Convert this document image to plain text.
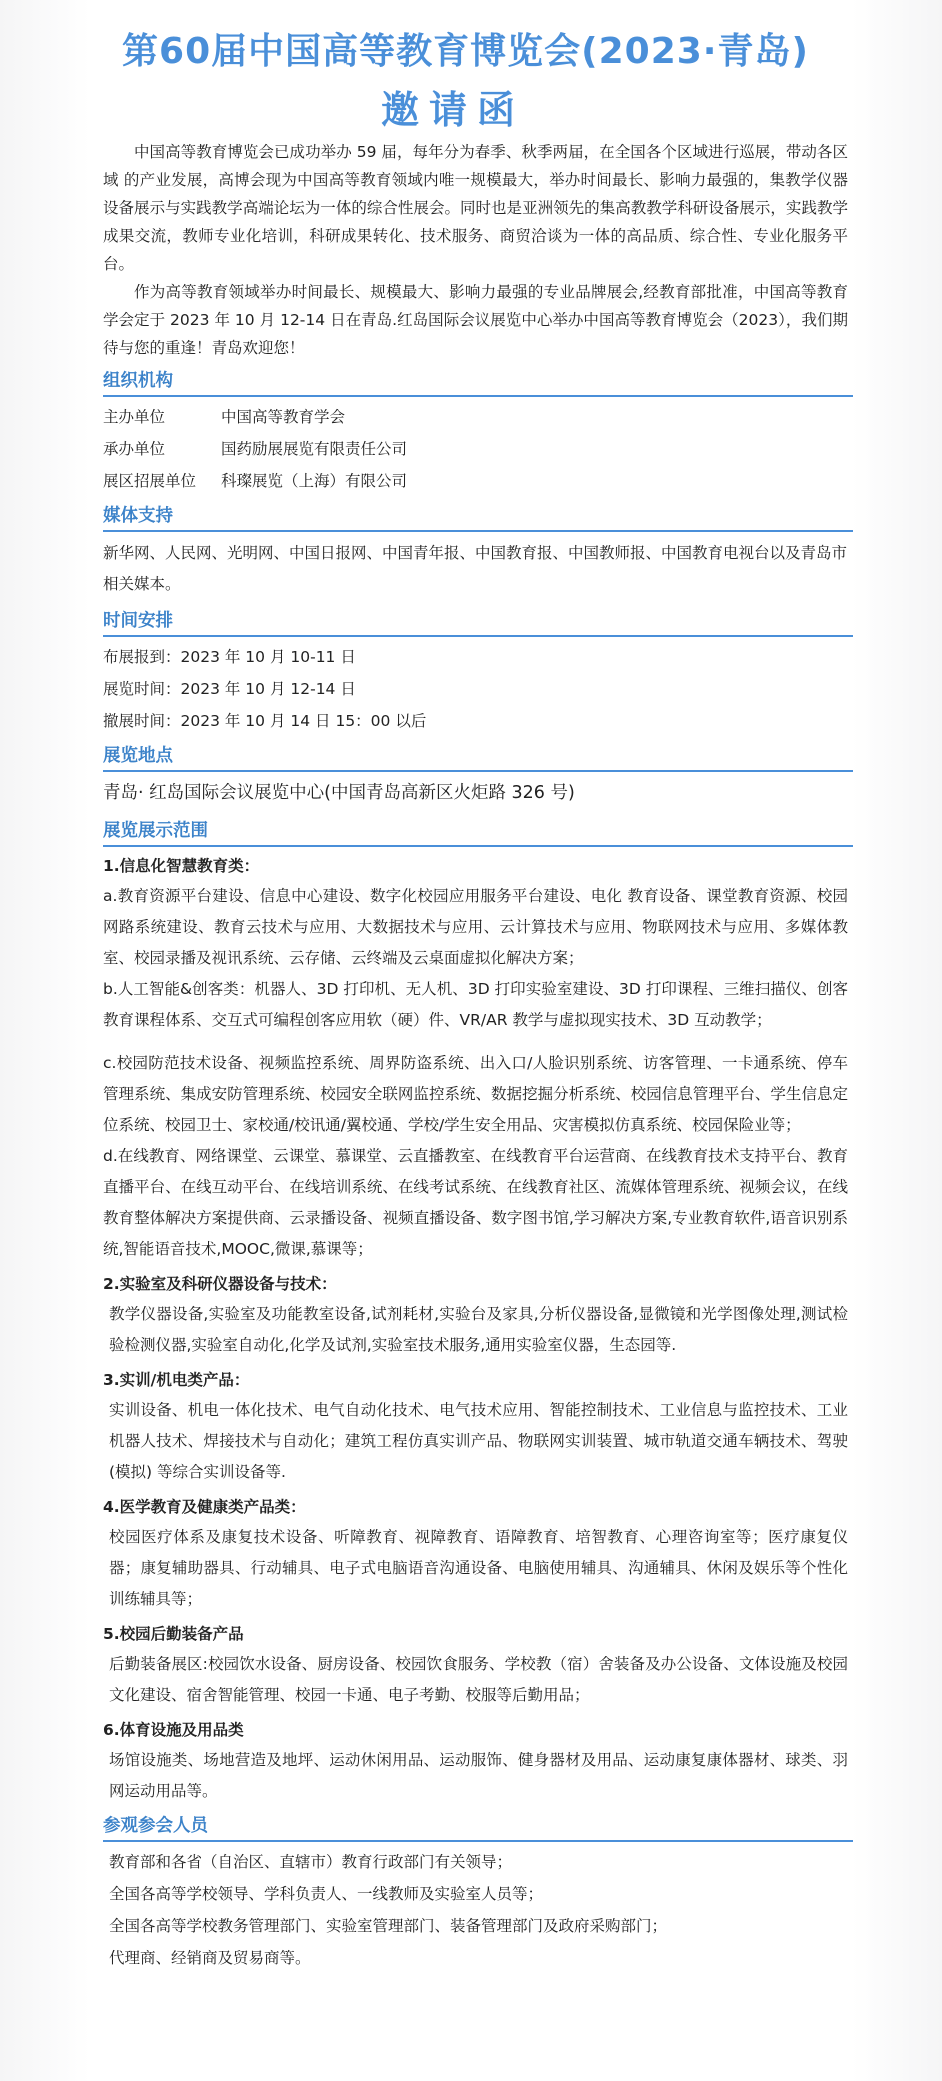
第60届中国高等教育博览会(2023·青岛)
邀请函

中国高等教育博览会已成功举办 59 届，每年分为春季、秋季两届，在全国各个区域进行巡展，带动各区域 的产业发展，高博会现为中国高等教育领域内唯一规模最大，举办时间最长、影响力最强的，集教学仪器设备展示与实践教学高端论坛为一体的综合性展会。同时也是亚洲领先的集高教教学科研设备展示，实践教学成果交流，教师专业化培训，科研成果转化、技术服务、商贸洽谈为一体的高品质、综合性、专业化服务平台。

作为高等教育领域举办时间最长、规模最大、影响力最强的专业品牌展会,经教育部批准，中国高等教育学会定于 2023 年 10 月 12-14 日在青岛.红岛国际会议展览中心举办中国高等教育博览会（2023），我们期待与您的重逢！青岛欢迎您！

组织机构
主办单位	中国高等教育学会
承办单位	国药励展展览有限责任公司
展区招展单位	科璨展览（上海）有限公司
媒体支持

新华网、人民网、光明网、中国日报网、中国青年报、中国教育报、中国教师报、中国教育电视台以及青岛市相关媒本。

时间安排
布展报到：2023 年 10 月 10-11 日
展览时间：2023 年 10 月 12-14 日
撤展时间：2023 年 10 月 14 日 15：00 以后
展览地点
青岛· 红岛国际会议展览中心(中国青岛高新区火炬路 326 号)
展览展示范围
1.信息化智慧教育类：

a.教育资源平台建设、信息中心建设、数字化校园应用服务平台建设、电化 教育设备、课堂教育资源、校园网路系统建设、教育云技术与应用、大数据技术与应用、云计算技术与应用、物联网技术与应用、多媒体教室、校园录播及视讯系统、云存储、云终端及云桌面虚拟化解决方案；

b.人工智能&创客类：机器人、3D 打印机、无人机、3D 打印实验室建设、3D 打印课程、三维扫描仪、创客教育课程体系、交互式可编程创客应用软（硬）件、VR/AR 教学与虚拟现实技术、3D 互动教学；

c.校园防范技术设备、视频监控系统、周界防盗系统、出入口/人脸识别系统、访客管理、一卡通系统、停车管理系统、集成安防管理系统、校园安全联网监控系统、数据挖掘分析系统、校园信息管理平台、学生信息定位系统、校园卫士、家校通/校讯通/翼校通、学校/学生安全用品、灾害模拟仿真系统、校园保险业等；

d.在线教育、网络课堂、云课堂、慕课堂、云直播教室、在线教育平台运营商、在线教育技术支持平台、教育直播平台、在线互动平台、在线培训系统、在线考试系统、在线教育社区、流媒体管理系统、视频会议，在线教育整体解决方案提供商、云录播设备、视频直播设备、数字图书馆,学习解决方案,专业教育软件,语音识别系统,智能语音技术,MOOC,微课,慕课等；

2.实验室及科研仪器设备与技术：

教学仪器设备,实验室及功能教室设备,试剂耗材,实验台及家具,分析仪器设备,显微镜和光学图像处理,测试检验检测仪器,实验室自动化,化学及试剂,实验室技术服务,通用实验室仪器，生态园等.

3.实训/机电类产品：

实训设备、机电一体化技术、电气自动化技术、电气技术应用、智能控制技术、工业信息与监控技术、工业机器人技术、焊接技术与自动化；建筑工程仿真实训产品、物联网实训装置、城市轨道交通车辆技术、驾驶(模拟) 等综合实训设备等.

4.医学教育及健康类产品类：

校园医疗体系及康复技术设备、听障教育、视障教育、语障教育、培智教育、心理咨询室等；医疗康复仪器；康复辅助器具、行动辅具、电子式电脑语音沟通设备、电脑使用辅具、沟通辅具、休闲及娱乐等个性化训练辅具等；

5.校园后勤装备产品

后勤装备展区:校园饮水设备、厨房设备、校园饮食服务、学校教（宿）舍装备及办公设备、文体设施及校园文化建设、宿舍智能管理、校园一卡通、电子考勤、校服等后勤用品；

6.体育设施及用品类

场馆设施类、场地营造及地坪、运动休闲用品、运动服饰、健身器材及用品、运动康复康体器材、球类、羽网运动用品等。

参观参会人员
教育部和各省（自治区、直辖市）教育行政部门有关领导；
全国各高等学校领导、学科负责人、一线教师及实验室人员等；
全国各高等学校教务管理部门、实验室管理部门、装备管理部门及政府采购部门；
代理商、经销商及贸易商等。
